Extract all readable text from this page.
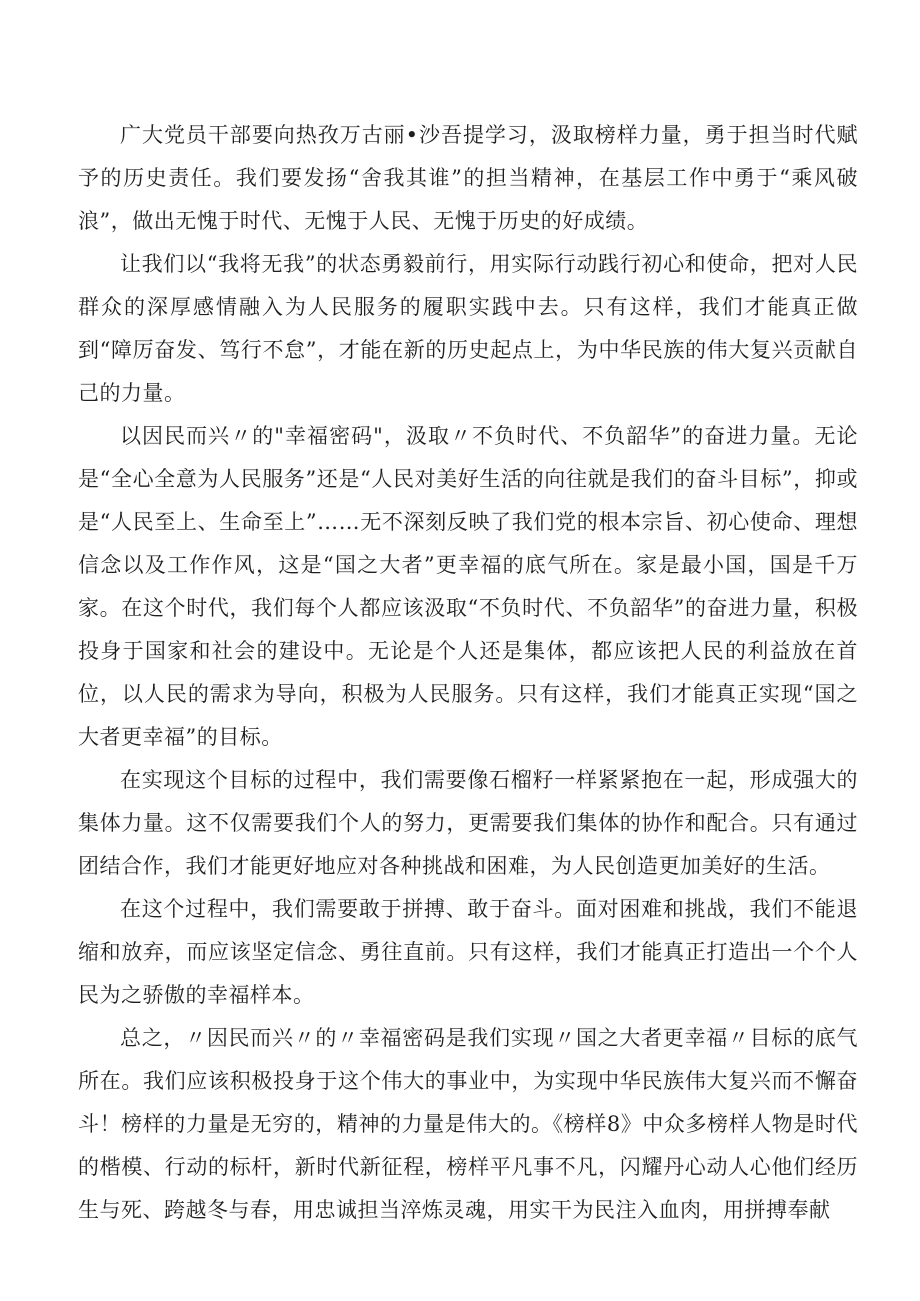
广大党员干部要向热孜万古丽•沙吾提学习，汲取榜样力量，勇于担当时代赋予的历史责任。我们要发扬“舍我其谁”的担当精神，在基层工作中勇于“乘风破浪”，做出无愧于时代、无愧于人民、无愧于历史的好成绩。

让我们以“我将无我”的状态勇毅前行，用实际行动践行初心和使命，把对人民群众的深厚感情融入为人民服务的履职实践中去。只有这样，我们才能真正做到“障厉奋发、笃行不怠”，才能在新的历史起点上，为中华民族的伟大复兴贡献自己的力量。

以因民而兴〃的"幸福密码"，汲取〃不负时代、不负韶华”的奋进力量。无论是“全心全意为人民服务”还是“人民对美好生活的向往就是我们的奋斗目标”，抑或是“人民至上、生命至上”……无不深刻反映了我们党的根本宗旨、初心使命、理想信念以及工作作风，这是“国之大者”更幸福的底气所在。家是最小国，国是千万家。在这个时代，我们每个人都应该汲取“不负时代、不负韶华”的奋进力量，积极投身于国家和社会的建设中。无论是个人还是集体，都应该把人民的利益放在首位，以人民的需求为导向，积极为人民服务。只有这样，我们才能真正实现“国之大者更幸福”的目标。

在实现这个目标的过程中，我们需要像石榴籽一样紧紧抱在一起，形成强大的集体力量。这不仅需要我们个人的努力，更需要我们集体的协作和配合。只有通过团结合作，我们才能更好地应对各种挑战和困难，为人民创造更加美好的生活。

在这个过程中，我们需要敢于拼搏、敢于奋斗。面对困难和挑战，我们不能退缩和放弃，而应该坚定信念、勇往直前。只有这样，我们才能真正打造出一个个人民为之骄傲的幸福样本。

总之，〃因民而兴〃的〃幸福密码是我们实现〃国之大者更幸福〃目标的底气所在。我们应该积极投身于这个伟大的事业中，为实现中华民族伟大复兴而不懈奋斗！榜样的力量是无穷的，精神的力量是伟大的。《榜样8》中众多榜样人物是时代的楷模、行动的标杆，新时代新征程，榜样平凡事不凡，闪耀丹心动人心他们经历生与死、跨越冬与春，用忠诚担当淬炼灵魂，用实干为民注入血肉，用拼搏奉献
